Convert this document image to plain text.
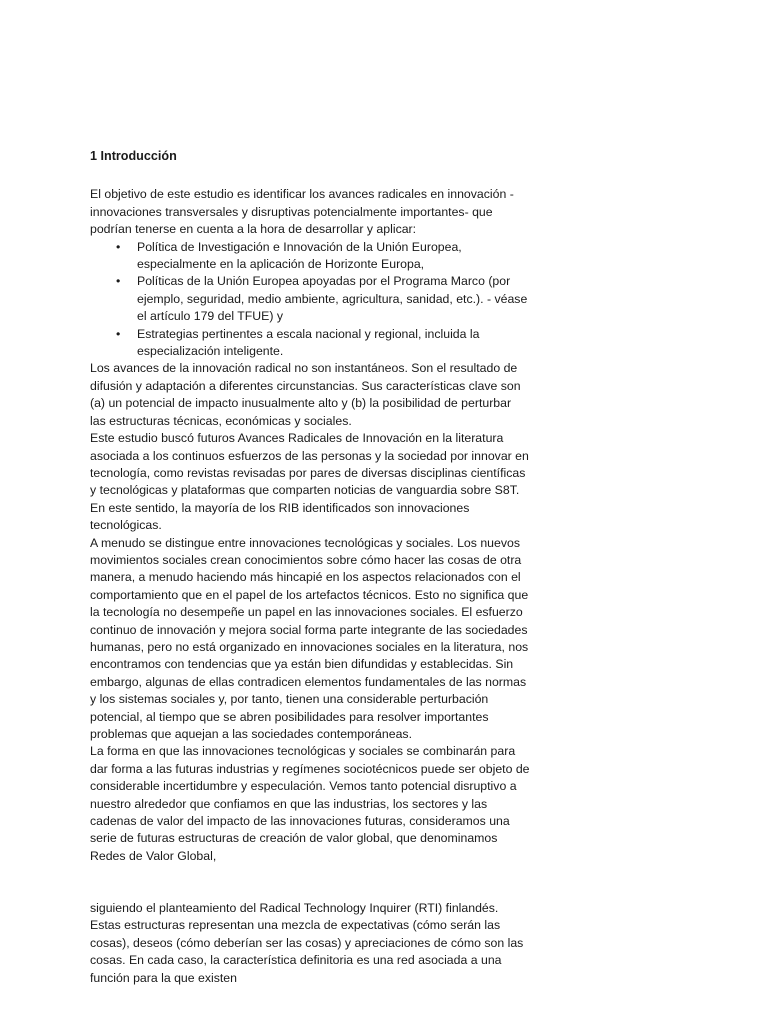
1 Introducción

El objetivo de este estudio es identificar los avances radicales en innovación - innovaciones transversales y disruptivas potencialmente importantes- que podrían tenerse en cuenta a la hora de desarrollar y aplicar:

• Política de Investigación e Innovación de la Unión Europea, especialmente en la aplicación de Horizonte Europa,
• Políticas de la Unión Europea apoyadas por el Programa Marco (por ejemplo, seguridad, medio ambiente, agricultura, sanidad, etc.). - véase el artículo 179 del TFUE) y
• Estrategias pertinentes a escala nacional y regional, incluida la especialización inteligente.

Los avances de la innovación radical no son instantáneos. Son el resultado de difusión y adaptación a diferentes circunstancias. Sus características clave son (a) un potencial de impacto inusualmente alto y (b) la posibilidad de perturbar las estructuras técnicas, económicas y sociales.

Este estudio buscó futuros Avances Radicales de Innovación en la literatura asociada a los continuos esfuerzos de las personas y la sociedad por innovar en tecnología, como revistas revisadas por pares de diversas disciplinas científicas y tecnológicas y plataformas que comparten noticias de vanguardia sobre S8T. En este sentido, la mayoría de los RIB identificados son innovaciones tecnológicas.

A menudo se distingue entre innovaciones tecnológicas y sociales. Los nuevos movimientos sociales crean conocimientos sobre cómo hacer las cosas de otra manera, a menudo haciendo más hincapié en los aspectos relacionados con el comportamiento que en el papel de los artefactos técnicos. Esto no significa que la tecnología no desempeñe un papel en las innovaciones sociales. El esfuerzo continuo de innovación y mejora social forma parte integrante de las sociedades humanas, pero no está organizado en innovaciones sociales en la literatura, nos encontramos con tendencias que ya están bien difundidas y establecidas. Sin embargo, algunas de ellas contradicen elementos fundamentales de las normas y los sistemas sociales y, por tanto, tienen una considerable perturbación

potencial, al tiempo que se abren posibilidades para resolver importantes problemas que aquejan a las sociedades contemporáneas.

La forma en que las innovaciones tecnológicas y sociales se combinarán para dar forma a las futuras industrias y regímenes sociotécnicos puede ser objeto de considerable incertidumbre y especulación. Vemos tanto potencial disruptivo a nuestro alrededor que confiamos en que las industrias, los sectores y las cadenas de valor del impacto de las innovaciones futuras, consideramos una serie de futuras estructuras de creación de valor global, que denominamos Redes de Valor Global,

siguiendo el planteamiento del Radical Technology Inquirer (RTI) finlandés. Estas estructuras representan una mezcla de expectativas (cómo serán las cosas), deseos (cómo deberían ser las cosas) y apreciaciones de cómo son las cosas. En cada caso, la característica definitoria es una red asociada a una función para la que existen
